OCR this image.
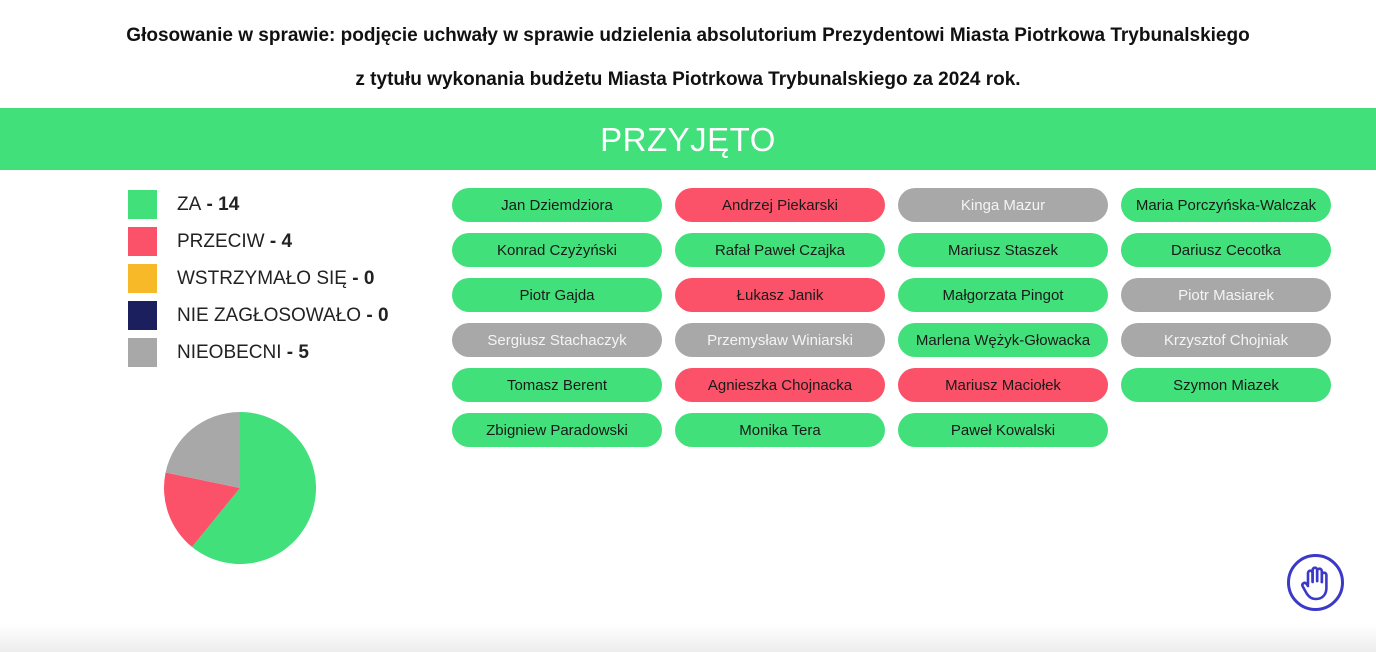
Głosowanie w sprawie: podjęcie uchwały w sprawie udzielenia absolutorium Prezydentowi Miasta Piotrkowa Trybunalskiego
z tytułu wykonania budżetu Miasta Piotrkowa Trybunalskiego za 2024 rok.
PRZYJĘTO
ZA - 14
PRZECIW - 4
WSTRZYMAŁO SIĘ - 0
NIE ZAGŁOSOWAŁO - 0
NIEOBECNI - 5
Jan Dziemdziora	Andrzej Piekarski	Kinga Mazur	Maria Porczyńska-Walczak
Konrad Czyżyński	Rafał Paweł Czajka	Mariusz Staszek	Dariusz Cecotka
Piotr Gajda	Łukasz Janik	Małgorzata Pingot	Piotr Masiarek
Sergiusz Stachaczyk	Przemysław Winiarski	Marlena Wężyk-Głowacka	Krzysztof Chojniak
Tomasz Berent	Agnieszka Chojnacka	Mariusz Maciołek	Szymon Miazek
Zbigniew Paradowski	Monika Tera	Paweł Kowalski
